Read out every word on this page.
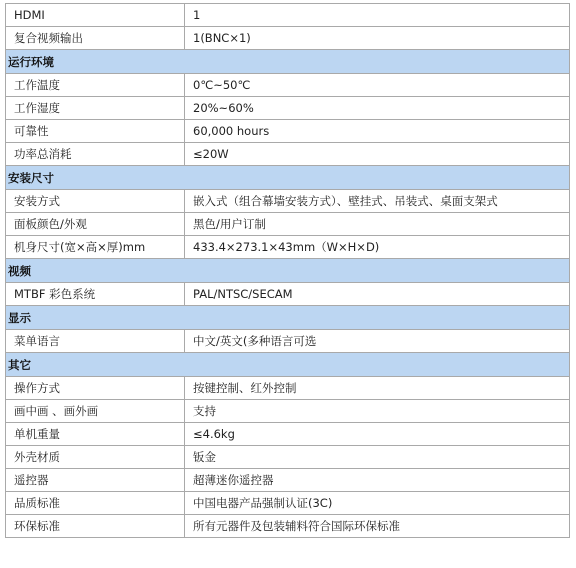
HDMI	1
复合视频输出	1(BNC×1)
运行环境	
工作温度	0℃~50℃
工作湿度	20%~60%
可靠性	60,000 hours
功率总消耗	≤20W
安装尺寸	
安装方式	嵌入式（组合幕墙安装方式）、壁挂式、吊装式、桌面支架式
面板颜色/外观	黑色/用户订制
机身尺寸(宽×高×厚)mm	433.4×273.1×43mm（W×H×D)
视频	
MTBF 彩色系统	PAL/NTSC/SECAM
显示	
菜单语言	中文/英文(多种语言可选
其它	
操作方式	按键控制、红外控制
画中画 、画外画	支持
单机重量	≤4.6kg
外壳材质	钣金
遥控器	超薄迷你遥控器
品质标准	中国电器产品强制认证(3C)
环保标准	所有元器件及包装辅料符合国际环保标准
